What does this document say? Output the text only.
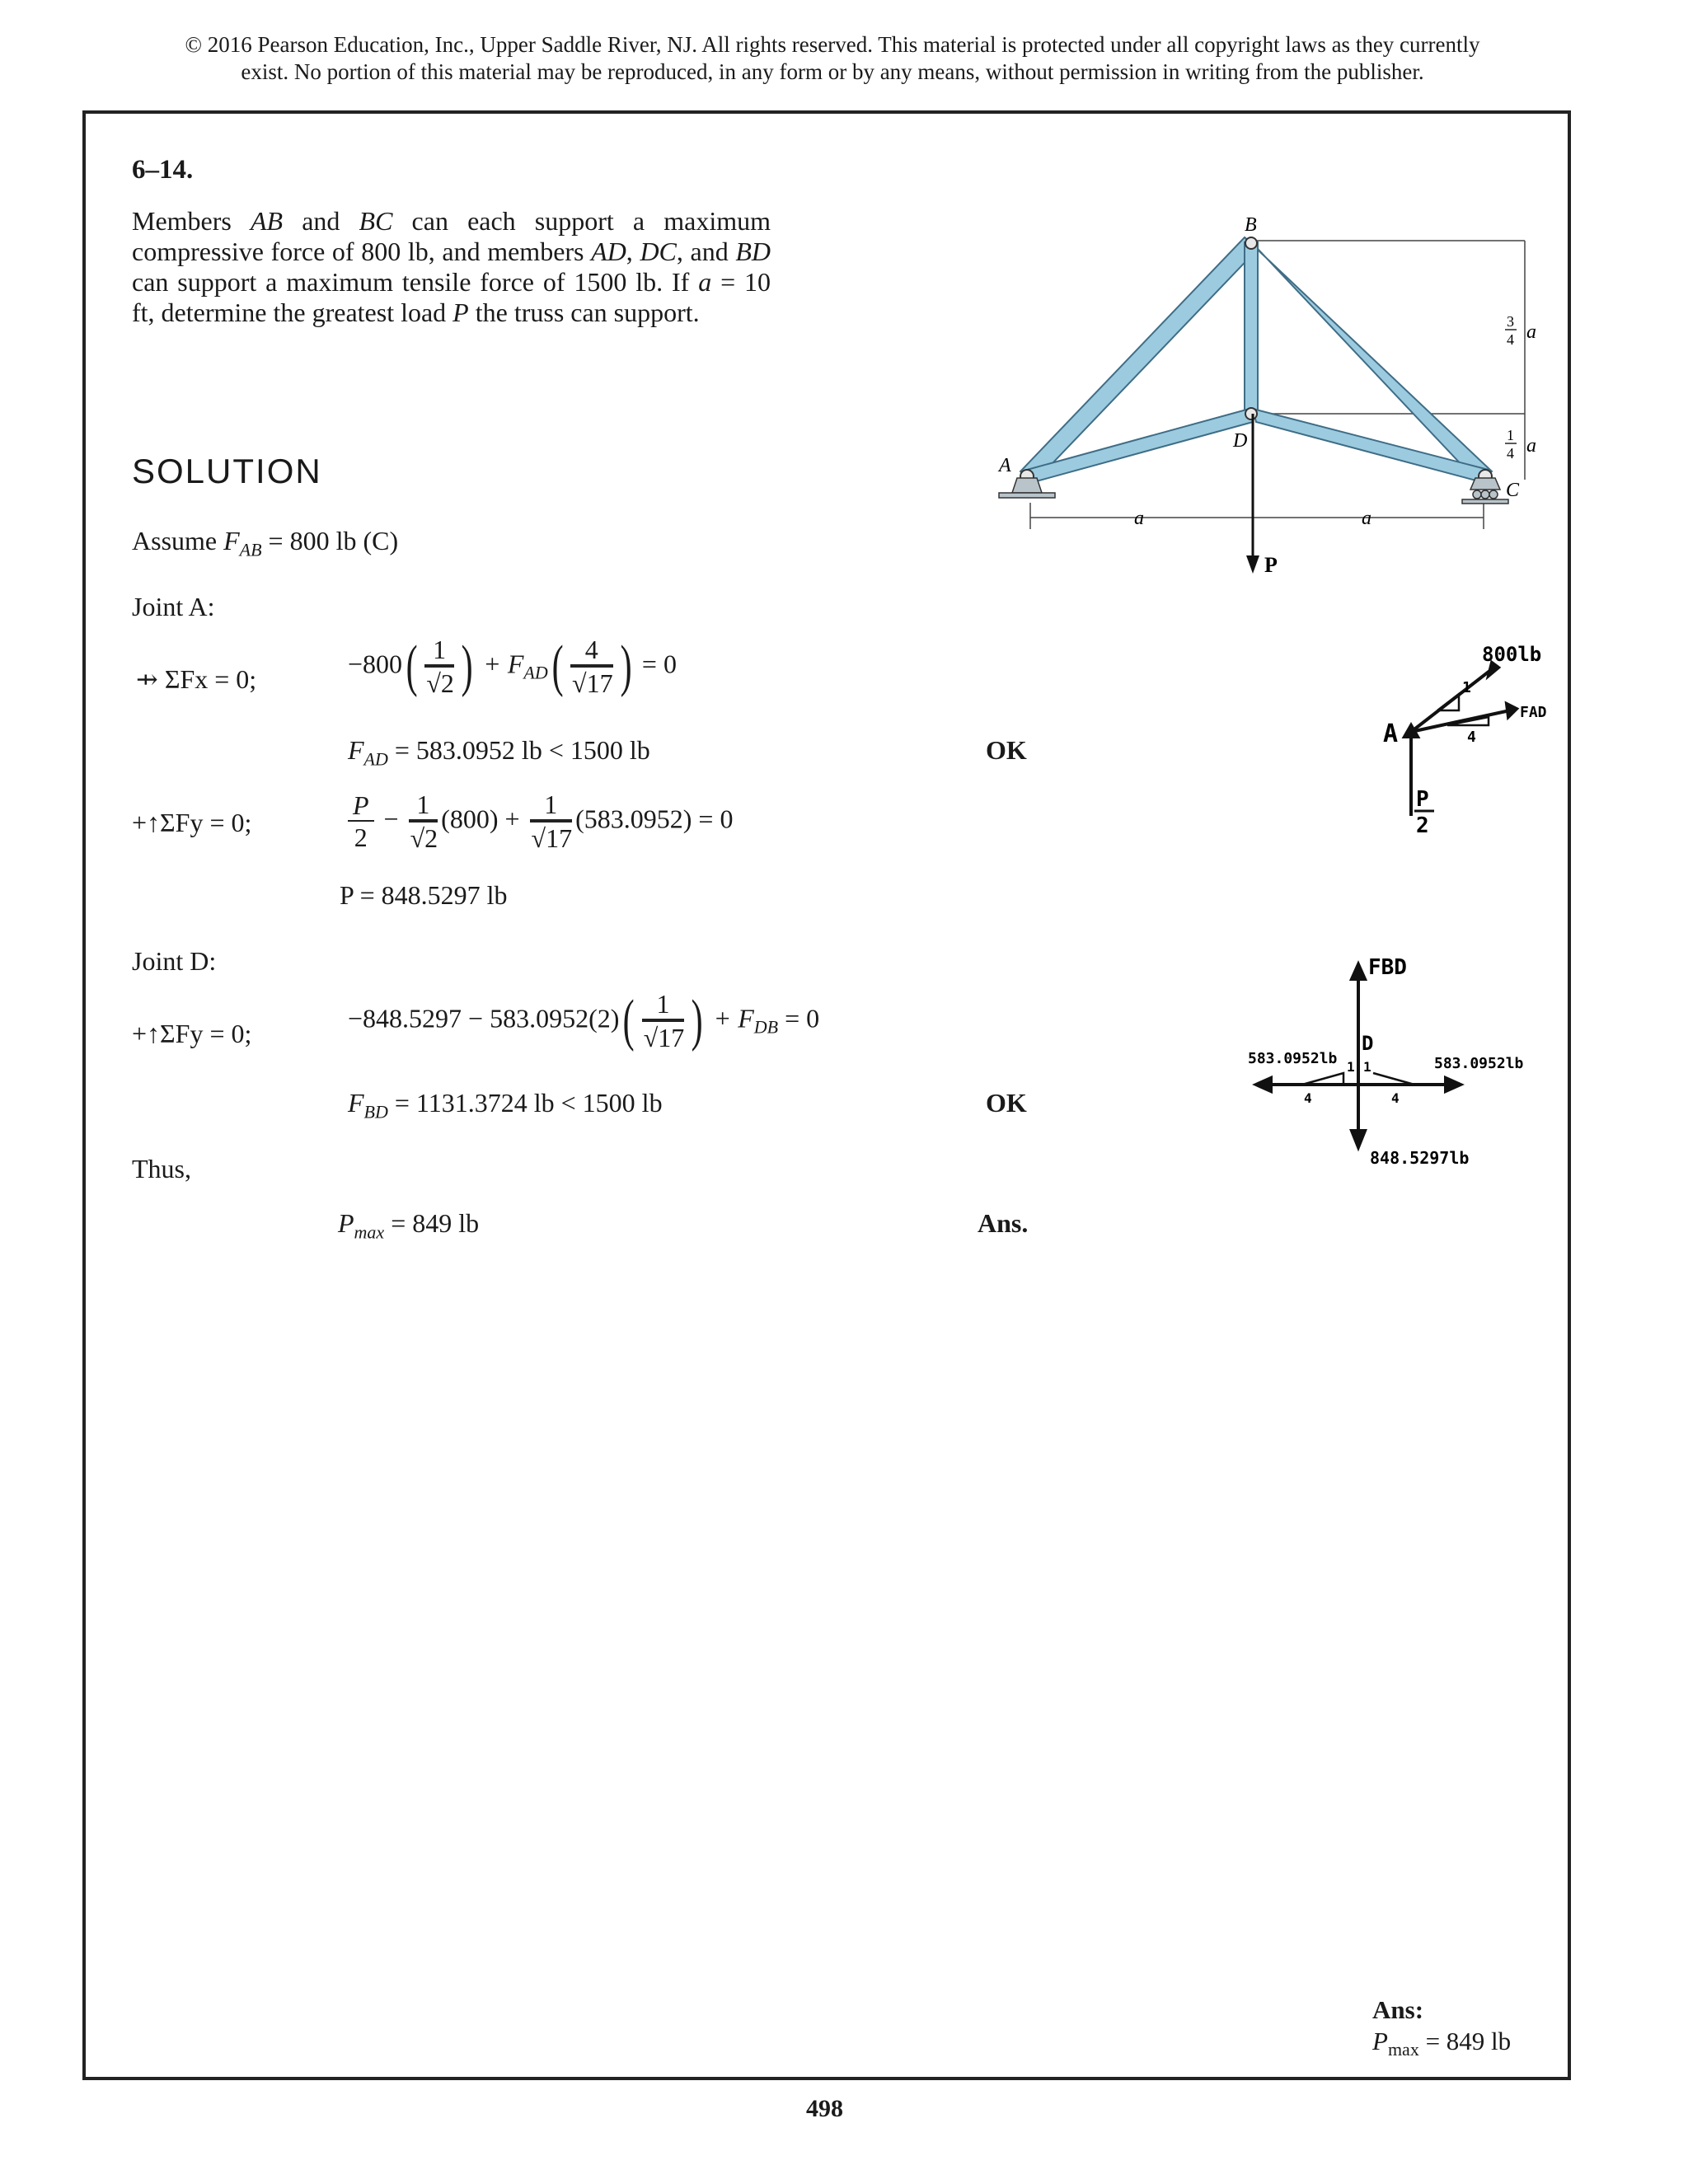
© 2016 Pearson Education, Inc., Upper Saddle River, NJ. All rights reserved. This material is protected under all copyright laws as they currently
exist. No portion of this material may be reproduced, in any form or by any means, without permission in writing from the publisher.
6–14.
Members AB and BC can each support a maximum compressive force of 800 lb, and members AD, DC, and BD can support a maximum tensile force of 1500 lb. If a = 10 ft, determine the greatest load P the truss can support.
SOLUTION
Assume $F_{AB} = 800$ lb (C)
Joint A:
⇸ ΣFx = 0;
$-800( \frac{1}{√2}$ ) + $F_{AD}( \frac{4}{√17}$ ) = 0
$F_{AD} = 583.0952$ lb < 1500 lb	OK
+↑ΣFy = 0;	$\frac{P}{2} - \frac{1}{√2} (800) + \frac{1}{√17} (583.0952) = 0$
P = 848.5297 lb
Joint D:
+↑ΣFy = 0;
$-848.5297 - 583.0952(2)( \frac{1}{√17}$ ) + $F_{DB} = 0$
$F_{BD} = 1131.3724$ lb < 1500 lb	OK
Thus,
$P_{max} = 849$ lb	Ans.
B
A
D
C
P
a	a
3
4 a
1
4 a
800lb
FAD
A
1
4
P
2
FBD
583.0952lb	583.0952lb
D
848.5297lb
1 1
4	4
Ans:
$P_{max} = 849$ lb
498
